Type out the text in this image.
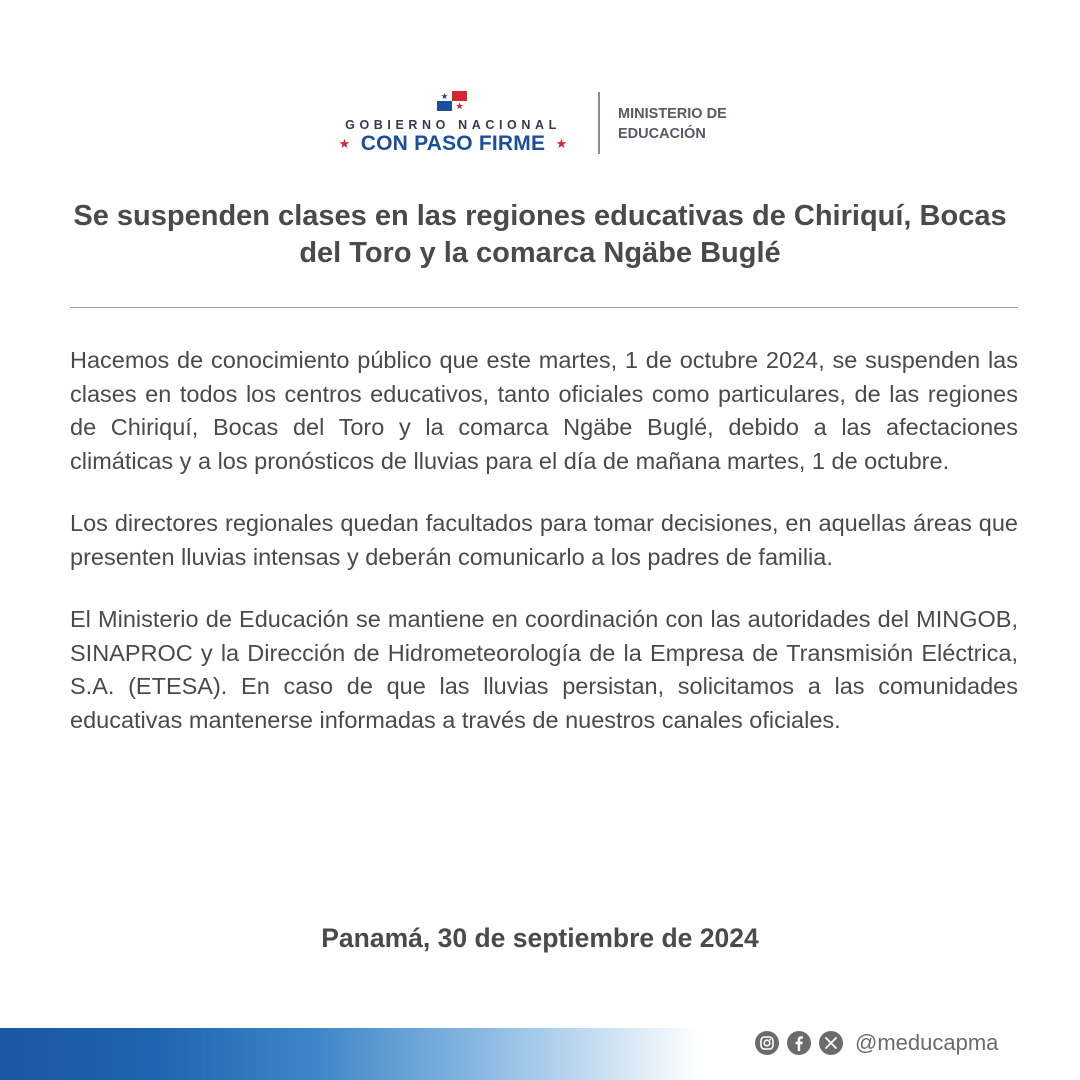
GOBIERNO NACIONAL
★ CON PASO FIRME ★
MINISTERIO DE
EDUCACIÓN
Se suspenden clases en las regiones educativas de Chiriquí, Bocas del Toro y la comarca Ngäbe Buglé

Hacemos de conocimiento público que este martes, 1 de octubre 2024, se suspenden las clases en todos los centros educativos, tanto oficiales como particulares, de las regiones de Chiriquí, Bocas del Toro y la comarca Ngäbe Buglé, debido a las afectaciones climáticas y a los pronósticos de lluvias para el día de mañana martes, 1 de octubre.

Los directores regionales quedan facultados para tomar decisiones, en aquellas áreas que presenten lluvias intensas y deberán comunicarlo a los padres de familia.

El Ministerio de Educación se mantiene en coordinación con las autoridades del MINGOB, SINAPROC y la Dirección de Hidrometeorología de la Empresa de Transmisión Eléctrica, S.A. (ETESA). En caso de que las lluvias persistan, solicitamos a las comunidades educativas mantenerse informadas a través de nuestros canales oficiales.

Panamá, 30 de septiembre de 2024
@meducapma
